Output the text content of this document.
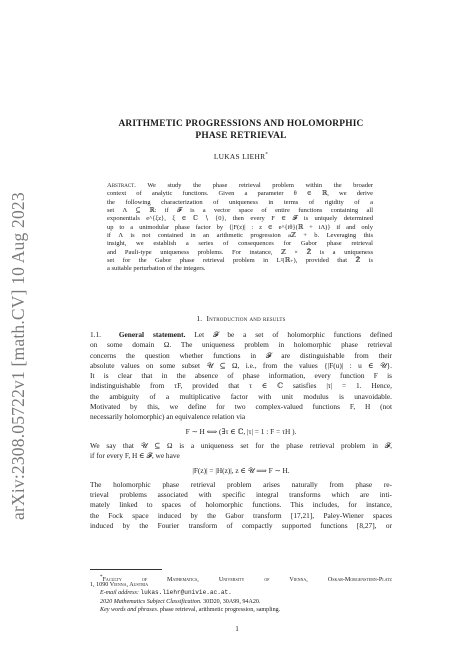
arXiv:2308.05722v1 [math.CV] 10 Aug 2023
ARITHMETIC PROGRESSIONS AND HOLOMORPHIC
PHASE RETRIEVAL
LUKAS LIEHR*
Abstract. We study the phase retrieval problem within the broader
context of analytic functions. Given a parameter θ ∈ ℝ, we derive
the following characterization of uniqueness in terms of rigidity of a
set Λ ⊆ ℝ: if 𝓕 is a vector space of entire functions containing all
exponentials e^{ξz}, ξ ∈ ℂ ∖ {0}, then every F ∈ 𝓕 is uniquely determined
up to a unimodular phase factor by {|F(z)| : z ∈ e^{iθ}(ℝ + iΛ)} if and only
if Λ is not contained in an arithmetic progression aℤ + b. Leveraging this
insight, we establish a series of consequences for Gabor phase retrieval
and Pauli-type uniqueness problems. For instance, ℤ × ℤ̃ is a uniqueness
set for the Gabor phase retrieval problem in L²(ℝ₊), provided that ℤ̃ is
a suitable perturbation of the integers.
1. Introduction and results
1.1. General statement. Let 𝓕 be a set of holomorphic functions defined
on some domain Ω. The uniqueness problem in holomorphic phase retrieval
concerns the question whether functions in 𝓕 are distinguishable from their
absolute values on some subset 𝒰 ⊆ Ω, i.e., from the values {|F(u)| : u ∈ 𝒰}.
It is clear that in the absence of phase information, every function F is
indistinguishable from τF, provided that τ ∈ ℂ satisfies |τ| = 1. Hence,
the ambiguity of a multiplicative factor with unit modulus is unavoidable.
Motivated by this, we define for two complex-valued functions F, H (not
necessarily holomorphic) an equivalence relation via
F ∼ H ⟺ (∃τ ∈ ℂ, |τ| = 1 : F = τH ).
We say that 𝒰 ⊆ Ω is a uniqueness set for the phase retrieval problem in 𝓕,
if for every F, H ∈ 𝓕, we have
|F(z)| = |H(z)|, z ∈ 𝒰 ⟹ F ∼ H.
The holomorphic phase retrieval problem arises naturally from phase re-
trieval problems associated with specific integral transforms which are inti-
mately linked to spaces of holomorphic functions. This includes, for instance,
the Fock space induced by the Gabor transform [17,21], Paley-Wiener spaces
induced by the Fourier transform of compactly supported functions [8,27], or
*Faculty of Mathematics, University of Vienna, Oskar-Morgenstern-Platz
1, 1090 Vienna, Austria
E-mail address: lukas.liehr@univie.ac.at.
2020 Mathematics Subject Classification. 30D20, 30A99, 94A20.
Key words and phrases. phase retrieval, arithmetic progression, sampling.
1
